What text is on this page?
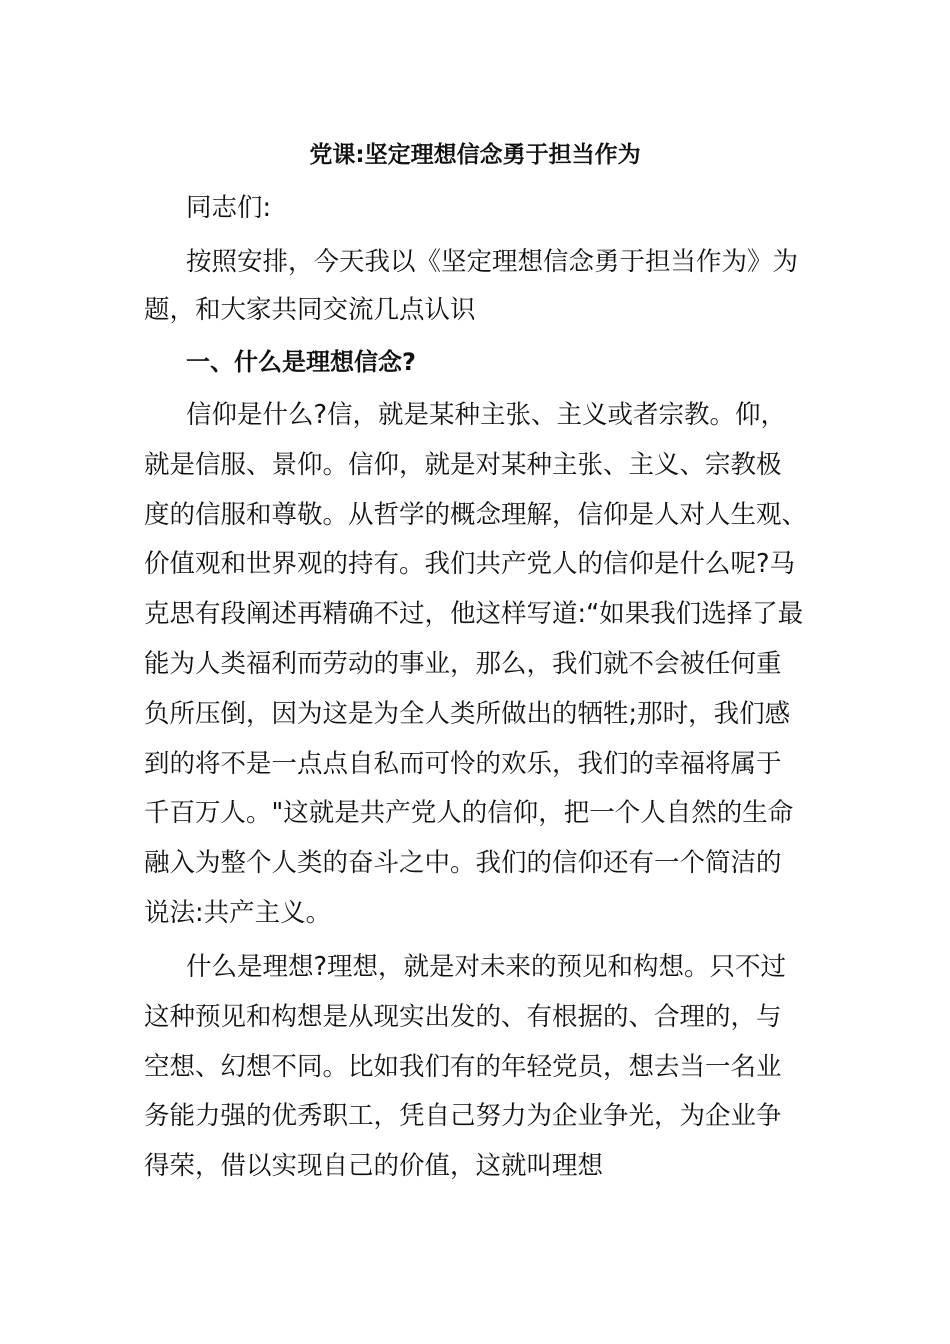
党课:坚定理想信念勇于担当作为
同志们:
按照安排，今天我以《坚定理想信念勇于担当作为》为
题，和大家共同交流几点认识
一、什么是理想信念?
信仰是什么?信，就是某种主张、主义或者宗教。仰，
就是信服、景仰。信仰，就是对某种主张、主义、宗教极
度的信服和尊敬。从哲学的概念理解，信仰是人对人生观、
价值观和世界观的持有。我们共产党人的信仰是什么呢?马
克思有段阐述再精确不过，他这样写道:“如果我们选择了最
能为人类福利而劳动的事业，那么，我们就不会被任何重
负所压倒，因为这是为全人类所做出的牺牲;那时，我们感
到的将不是一点点自私而可怜的欢乐，我们的幸福将属于
千百万人。"这就是共产党人的信仰，把一个人自然的生命
融入为整个人类的奋斗之中。我们的信仰还有一个简洁的
说法:共产主义。
什么是理想?理想，就是对未来的预见和构想。只不过
这种预见和构想是从现实出发的、有根据的、合理的，与
空想、幻想不同。比如我们有的年轻党员，想去当一名业
务能力强的优秀职工，凭自己努力为企业争光，为企业争
得荣，借以实现自己的价值，这就叫理想
